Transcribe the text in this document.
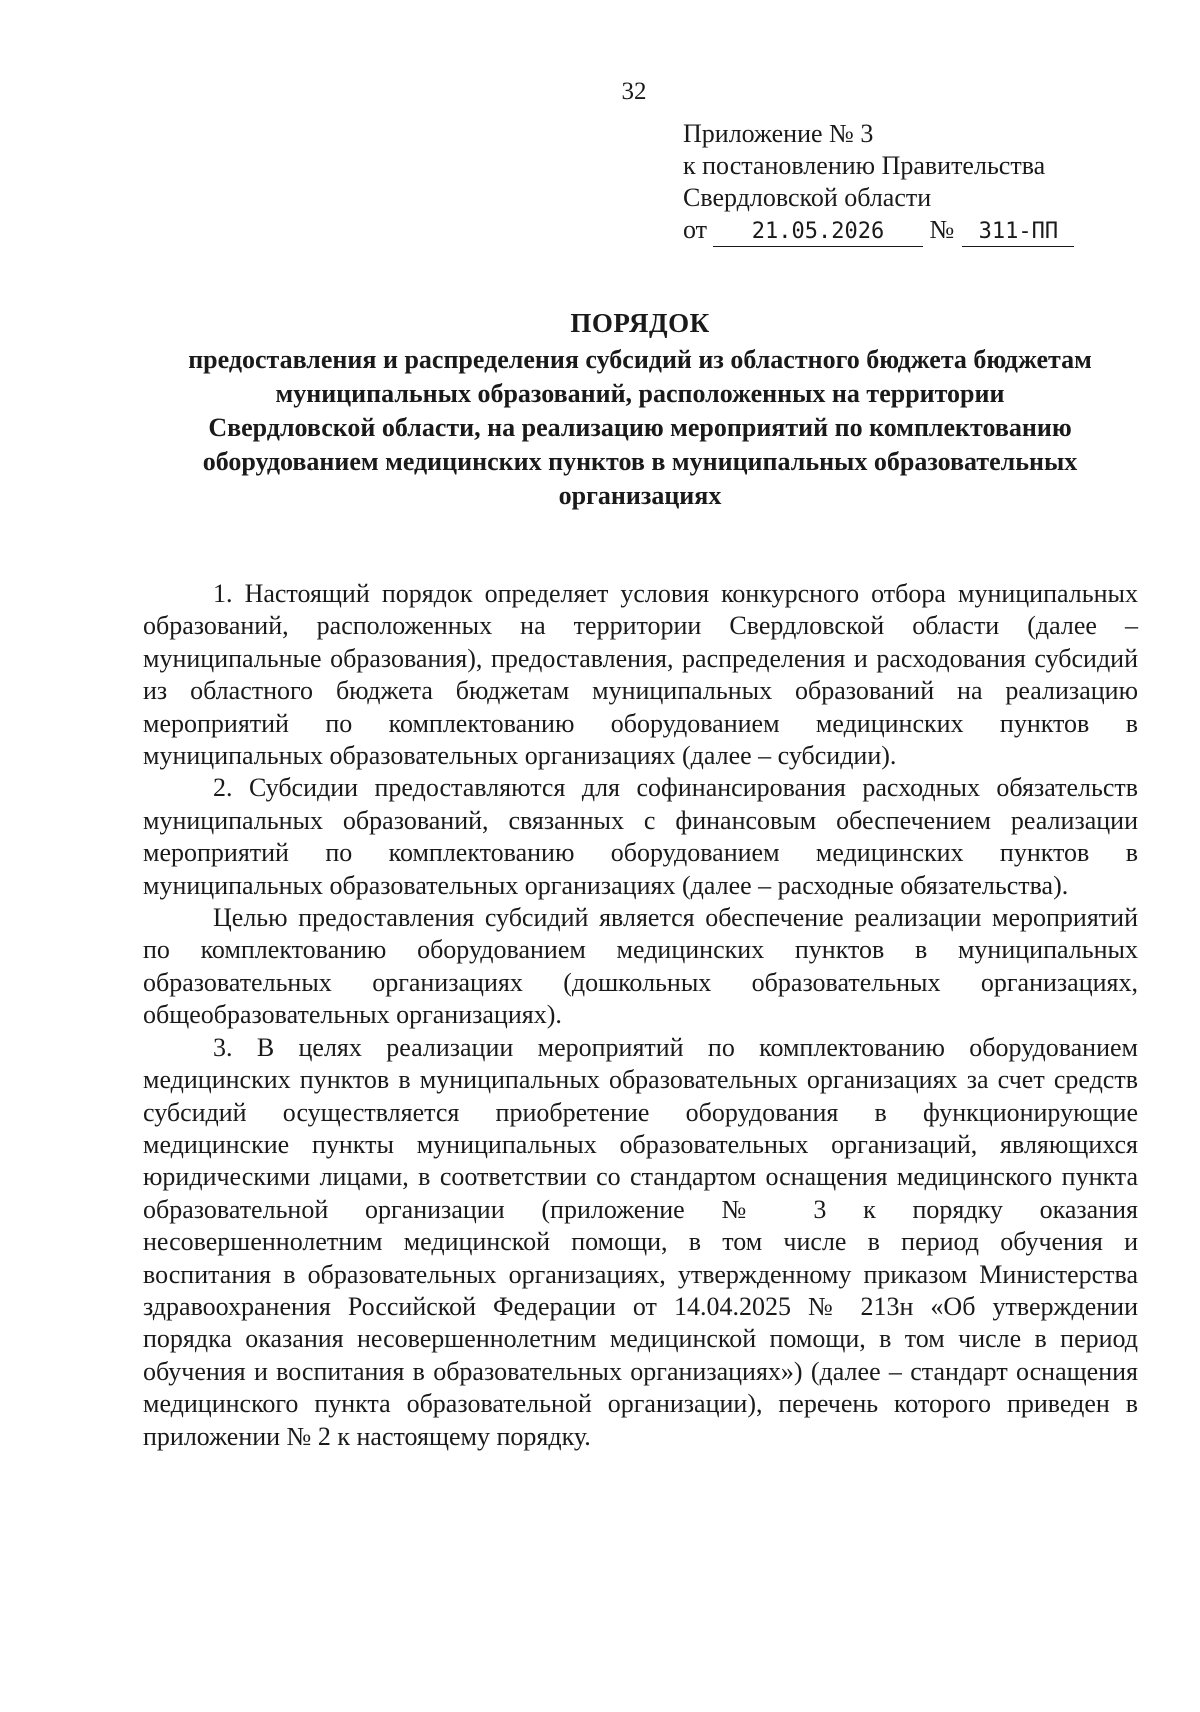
32
Приложение № 3
к постановлению Правительства
Свердловской области
от 21.05.2026 № 311-ПП
ПОРЯДОК
предоставления и распределения субсидий из областного бюджета бюджетам
муниципальных образований, расположенных на территории
Свердловской области, на реализацию мероприятий по комплектованию
оборудованием медицинских пунктов в муниципальных образовательных
организациях

1. Настоящий порядок определяет условия конкурсного отбора муниципальных образований, расположенных на территории Свердловской области (далее – муниципальные образования), предоставления, распределения и расходования субсидий из областного бюджета бюджетам муниципальных образований на реализацию мероприятий по комплектованию оборудованием медицинских пунктов в муниципальных образовательных организациях (далее – субсидии).

2. Субсидии предоставляются для софинансирования расходных обязательств муниципальных образований, связанных с финансовым обеспечением реализации мероприятий по комплектованию оборудованием медицинских пунктов в муниципальных образовательных организациях (далее – расходные обязательства).

Целью предоставления субсидий является обеспечение реализации мероприятий по комплектованию оборудованием медицинских пунктов в муниципальных образовательных организациях (дошкольных образовательных организациях, общеобразовательных организациях).

3. В целях реализации мероприятий по комплектованию оборудованием медицинских пунктов в муниципальных образовательных организациях за счет средств субсидий осуществляется приобретение оборудования в функционирующие медицинские пункты муниципальных образовательных организаций, являющихся юридическими лицами, в соответствии со стандартом оснащения медицинского пункта образовательной организации (приложение № 3 к порядку оказания несовершеннолетним медицинской помощи, в том числе в период обучения и воспитания в образовательных организациях, утвержденному приказом Министерства здравоохранения Российской Федерации от 14.04.2025 № 213н «Об утверждении порядка оказания несовершеннолетним медицинской помощи, в том числе в период обучения и воспитания в образовательных организациях») (далее – стандарт оснащения медицинского пункта образовательной организации), перечень которого приведен в приложении № 2 к настоящему порядку.
